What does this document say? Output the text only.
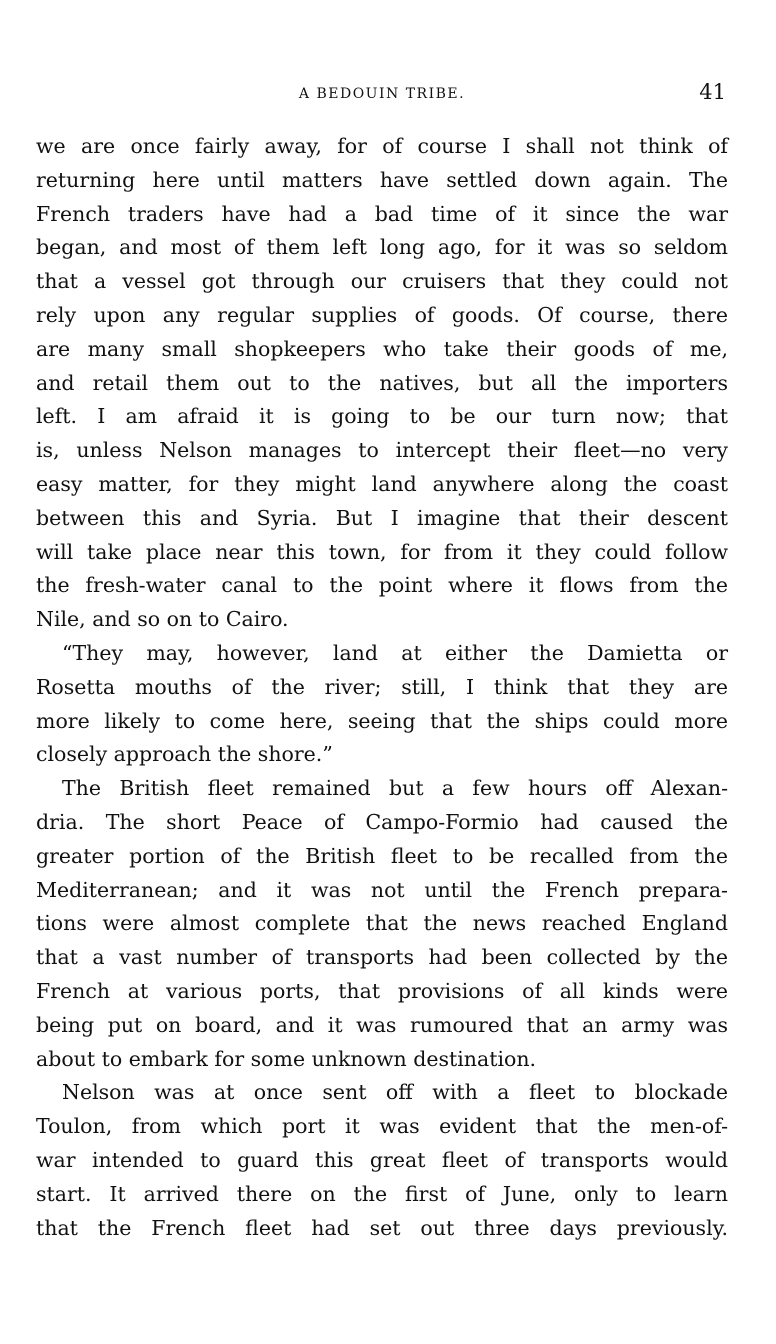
A BEDOUIN TRIBE.	41
we are once fairly away, for of course I shall not think of
returning here until matters have settled down again. The
French traders have had a bad time of it since the war
began, and most of them left long ago, for it was so seldom
that a vessel got through our cruisers that they could not
rely upon any regular supplies of goods. Of course, there
are many small shopkeepers who take their goods of me,
and retail them out to the natives, but all the importers
left. I am afraid it is going to be our turn now; that
is, unless Nelson manages to intercept their fleet—no very
easy matter, for they might land anywhere along the coast
between this and Syria. But I imagine that their descent
will take place near this town, for from it they could follow
the fresh-water canal to the point where it flows from the
Nile, and so on to Cairo.
“They may, however, land at either the Damietta or
Rosetta mouths of the river; still, I think that they are
more likely to come here, seeing that the ships could more
closely approach the shore.”
The British fleet remained but a few hours off Alexan-
dria. The short Peace of Campo-Formio had caused the
greater portion of the British fleet to be recalled from the
Mediterranean; and it was not until the French prepara-
tions were almost complete that the news reached England
that a vast number of transports had been collected by the
French at various ports, that provisions of all kinds were
being put on board, and it was rumoured that an army was
about to embark for some unknown destination.
Nelson was at once sent off with a fleet to blockade
Toulon, from which port it was evident that the men-of-
war intended to guard this great fleet of transports would
start. It arrived there on the first of June, only to learn
that the French fleet had set out three days previously.
